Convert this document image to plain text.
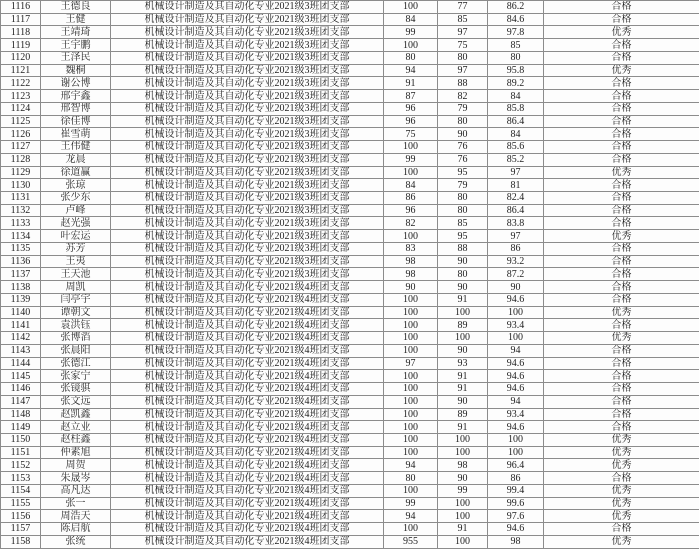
1116	王德良	机械设计制造及其自动化专业2021级3班团支部	100	77	86.2	合格
1117	王健	机械设计制造及其自动化专业2021级3班团支部	84	85	84.6	合格
1118	王靖琦	机械设计制造及其自动化专业2021级3班团支部	99	97	97.8	优秀
1119	王宇鹏	机械设计制造及其自动化专业2021级3班团支部	100	75	85	合格
1120	王泽民	机械设计制造及其自动化专业2021级3班团支部	80	80	80	合格
1121	魏桐	机械设计制造及其自动化专业2021级3班团支部	94	97	95.8	优秀
1122	谢公博	机械设计制造及其自动化专业2021级3班团支部	91	88	89.2	合格
1123	邢宇鑫	机械设计制造及其自动化专业2021级3班团支部	87	82	84	合格
1124	邢智博	机械设计制造及其自动化专业2021级3班团支部	96	79	85.8	合格
1125	徐佳博	机械设计制造及其自动化专业2021级3班团支部	96	80	86.4	合格
1126	崔雪萌	机械设计制造及其自动化专业2021级3班团支部	75	90	84	合格
1127	王伟健	机械设计制造及其自动化专业2021级3班团支部	100	76	85.6	合格
1128	龙晨	机械设计制造及其自动化专业2021级3班团支部	99	76	85.2	合格
1129	徐道赢	机械设计制造及其自动化专业2021级3班团支部	100	95	97	优秀
1130	张琼	机械设计制造及其自动化专业2021级3班团支部	84	79	81	合格
1131	张少东	机械设计制造及其自动化专业2021级3班团支部	86	80	82.4	合格
1132	卢峰	机械设计制造及其自动化专业2021级3班团支部	96	80	86.4	合格
1133	赵光强	机械设计制造及其自动化专业2021级3班团支部	82	85	83.8	合格
1134	叶宏运	机械设计制造及其自动化专业2021级3班团支部	100	95	97	优秀
1135	苏芳	机械设计制造及其自动化专业2021级3班团支部	83	88	86	合格
1136	王夷	机械设计制造及其自动化专业2021级3班团支部	98	90	93.2	合格
1137	王天池	机械设计制造及其自动化专业2021级3班团支部	98	80	87.2	合格
1138	周凯	机械设计制造及其自动化专业2021级4班团支部	90	90	90	合格
1139	闫亭宇	机械设计制造及其自动化专业2021级4班团支部	100	91	94.6	合格
1140	谭朝文	机械设计制造及其自动化专业2021级4班团支部	100	100	100	优秀
1141	袁洪钰	机械设计制造及其自动化专业2021级4班团支部	100	89	93.4	合格
1142	张博滔	机械设计制造及其自动化专业2021级4班团支部	100	100	100	优秀
1143	张晨阳	机械设计制造及其自动化专业2021级4班团支部	100	90	94	合格
1144	张德江	机械设计制造及其自动化专业2021级4班团支部	97	93	94.6	合格
1145	张家宁	机械设计制造及其自动化专业2021级4班团支部	100	91	94.6	合格
1146	张镜骐	机械设计制造及其自动化专业2021级4班团支部	100	91	94.6	合格
1147	张文远	机械设计制造及其自动化专业2021级4班团支部	100	90	94	合格
1148	赵凯鑫	机械设计制造及其自动化专业2021级4班团支部	100	89	93.4	合格
1149	赵立业	机械设计制造及其自动化专业2021级4班团支部	100	91	94.6	合格
1150	赵柱鑫	机械设计制造及其自动化专业2021级4班团支部	100	100	100	优秀
1151	仲素旭	机械设计制造及其自动化专业2021级4班团支部	100	100	100	优秀
1152	周贺	机械设计制造及其自动化专业2021级4班团支部	94	98	96.4	优秀
1153	朱晟岑	机械设计制造及其自动化专业2021级4班团支部	80	90	86	合格
1154	高凡达	机械设计制造及其自动化专业2021级4班团支部	100	99	99.4	优秀
1155	张一	机械设计制造及其自动化专业2021级4班团支部	99	100	99.6	优秀
1156	周浩天	机械设计制造及其自动化专业2021级4班团支部	94	100	97.6	优秀
1157	陈启航	机械设计制造及其自动化专业2021级4班团支部	100	91	94.6	合格
1158	张统	机械设计制造及其自动化专业2021级4班团支部	955	100	98	优秀
